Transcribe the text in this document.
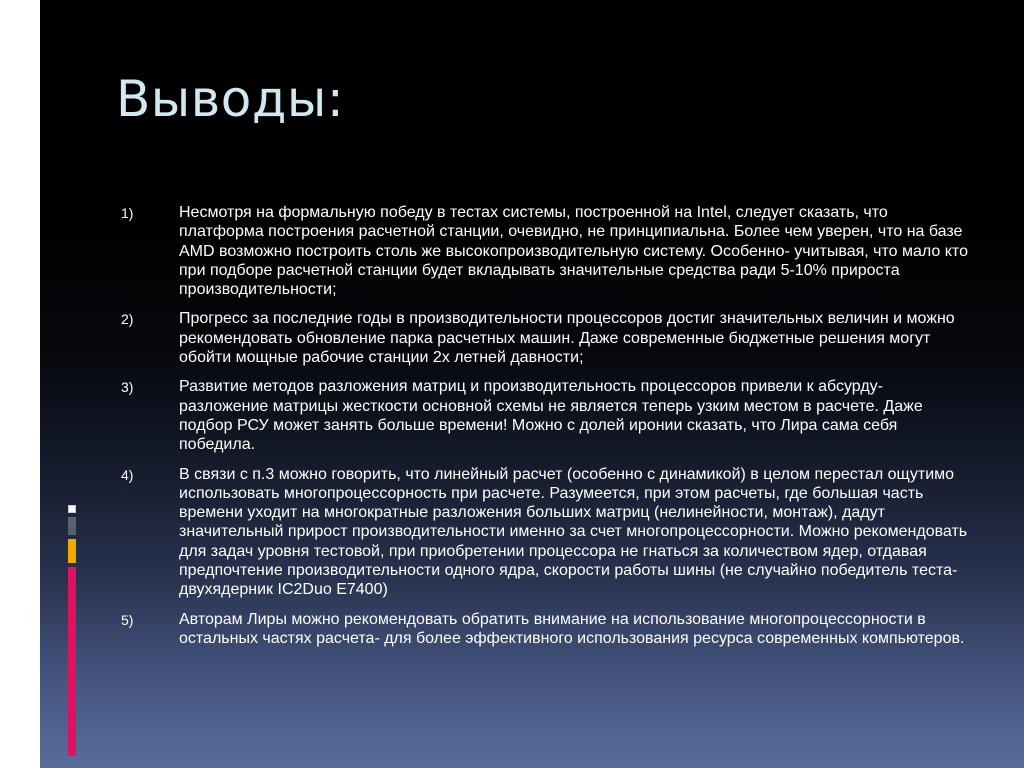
Выводы:
1)	Несмотря на формальную победу в тестах системы, построенной на Intel, следует сказать, что платформа построения расчетной станции, очевидно, не принципиальна. Более чем уверен, что на базе AMD возможно построить столь же высокопроизводительную систему. Особенно- учитывая, что мало кто при подборе расчетной станции будет вкладывать значительные средства ради 5-10% прироста производительности;
2)	Прогресс за последние годы в производительности процессоров достиг значительных величин и можно рекомендовать обновление парка расчетных машин. Даже современные бюджетные решения могут обойти мощные рабочие станции 2х летней давности;
3)	Развитие методов разложения матриц и производительность процессоров привели к абсурду- разложение матрицы жесткости основной схемы не является теперь узким местом в расчете. Даже подбор РСУ может занять больше времени! Можно с долей иронии сказать, что Лира сама себя победила.
4)	В связи с п.3 можно говорить, что линейный расчет (особенно с динамикой) в целом перестал ощутимо использовать многопроцессорность при расчете. Разумеется, при этом расчеты, где большая часть времени уходит на многократные разложения больших матриц (нелинейности, монтаж), дадут значительный прирост производительности именно за счет многопроцессорности. Можно рекомендовать для задач уровня тестовой, при приобретении процессора не гнаться за количеством ядер, отдавая предпочтение производительности одного ядра, скорости работы шины (не случайно победитель теста- двухядерник IC2Duo E7400)
5)	Авторам Лиры можно рекомендовать обратить внимание на использование многопроцессорности в остальных частях расчета- для более эффективного использования ресурса современных компьютеров.
